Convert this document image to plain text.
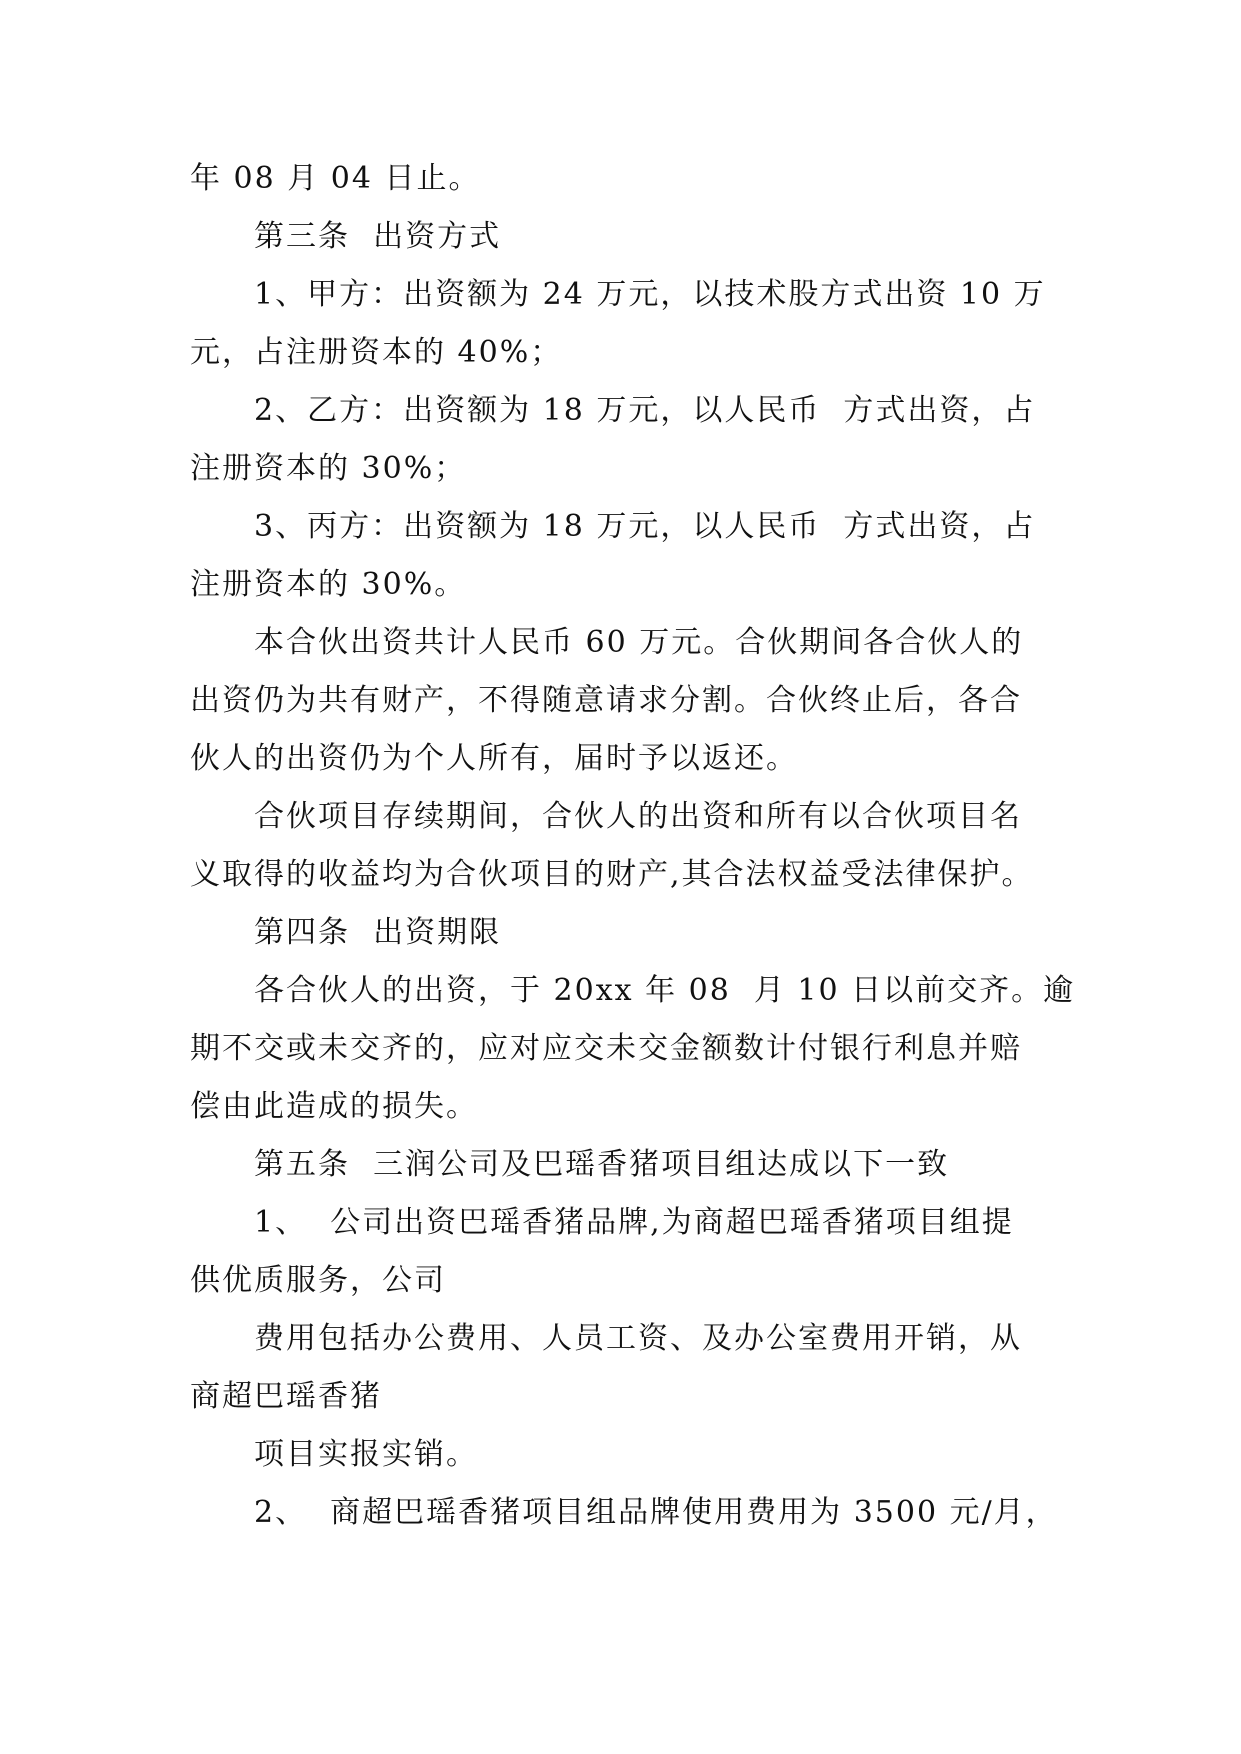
年 08 月 04 日止。
第三条  出资方式
1、甲方：出资额为 24 万元，以技术股方式出资 10 万
元，占注册资本的 40%；
2、乙方：出资额为 18 万元，以人民币  方式出资，占
注册资本的 30%；
3、丙方：出资额为 18 万元，以人民币  方式出资，占
注册资本的 30%。
本合伙出资共计人民币 60 万元。合伙期间各合伙人的
出资仍为共有财产，不得随意请求分割。合伙终止后，各合
伙人的出资仍为个人所有，届时予以返还。
合伙项目存续期间，合伙人的出资和所有以合伙项目名
义取得的收益均为合伙项目的财产,其合法权益受法律保护。
第四条  出资期限
各合伙人的出资，于 20xx 年 08  月 10 日以前交齐。逾
期不交或未交齐的，应对应交未交金额数计付银行利息并赔
偿由此造成的损失。
第五条  三润公司及巴瑶香猪项目组达成以下一致
1、  公司出资巴瑶香猪品牌,为商超巴瑶香猪项目组提
供优质服务，公司
费用包括办公费用、人员工资、及办公室费用开销，从
商超巴瑶香猪
项目实报实销。
2、  商超巴瑶香猪项目组品牌使用费用为 3500 元/月，
